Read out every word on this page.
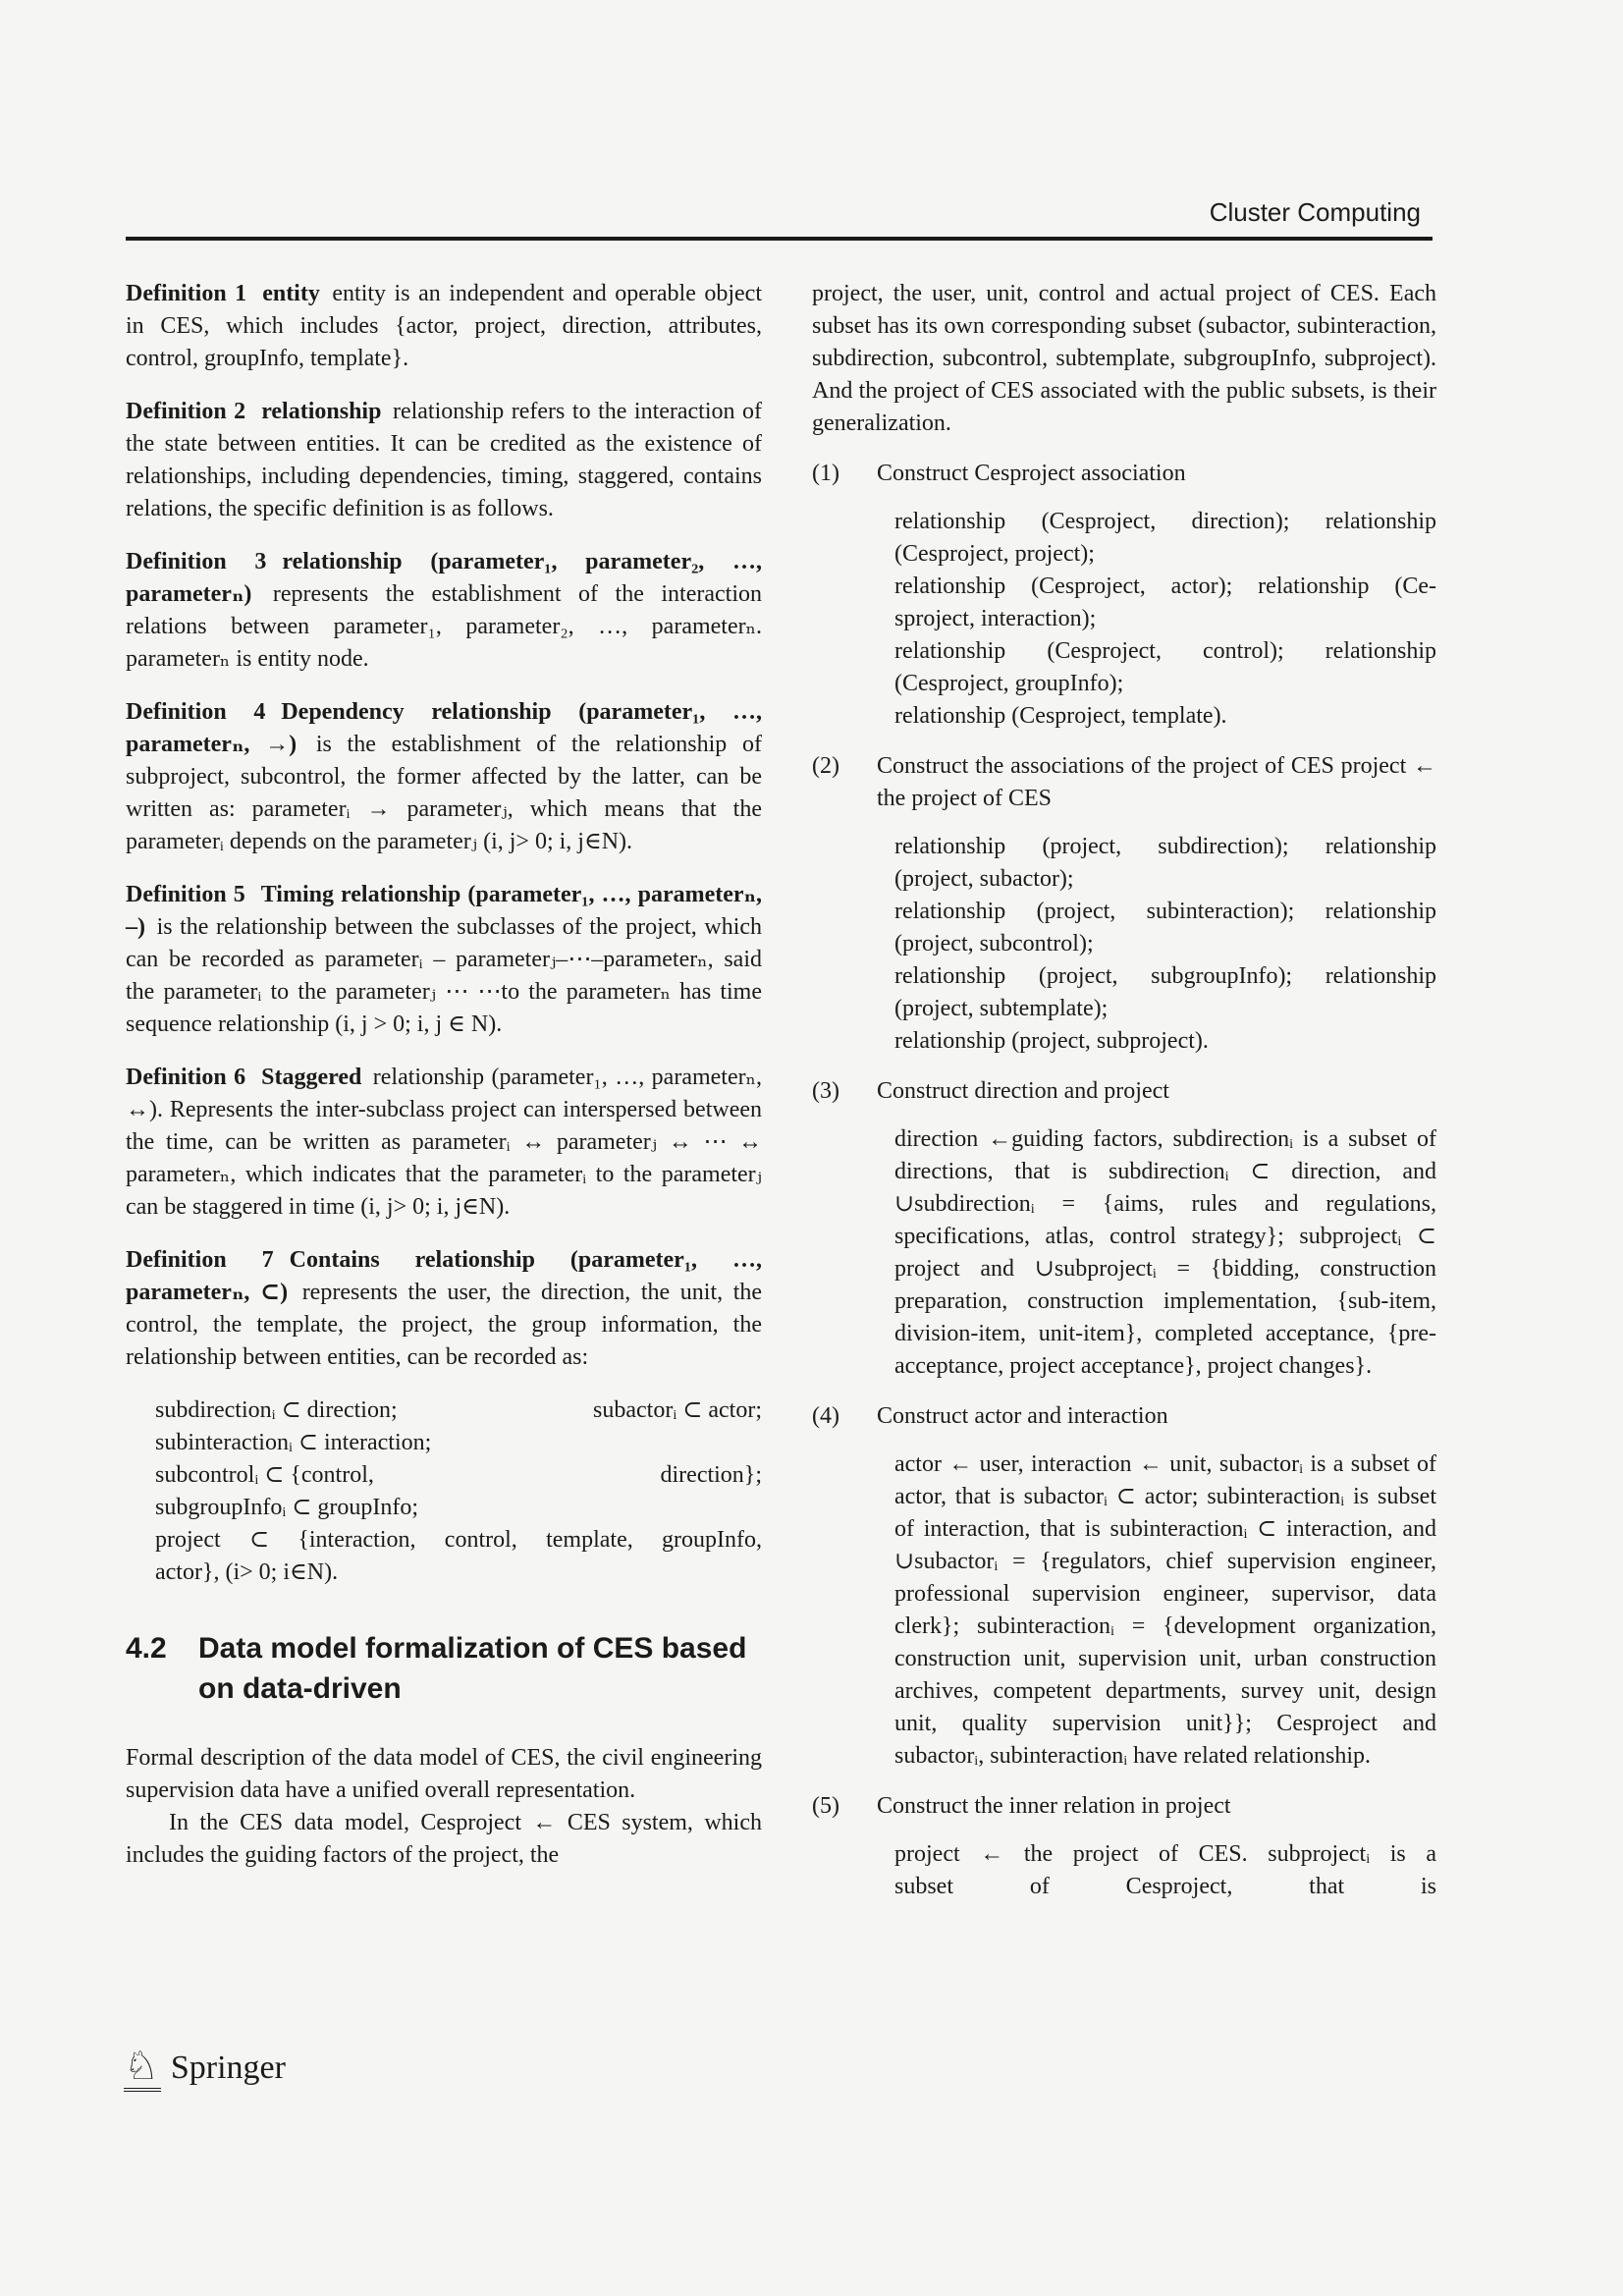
Cluster Computing

Definition 1 entity entity is an independent and operable object in CES, which includes {actor, project, direction, attributes, control, groupInfo, template}.

Definition 2 relationship relationship refers to the interaction of the state between entities. It can be credited as the existence of relationships, including dependencies, timing, staggered, contains relations, the specific definition is as follows.

Definition 3 relationship (parameter₁, parameter₂, …, parameterₙ) represents the establishment of the interaction relations between parameter₁, parameter₂, …, parameterₙ. parameterₙ is entity node.

Definition 4 Dependency relationship (parameter₁, …, parameterₙ, →) is the establishment of the relationship of subproject, subcontrol, the former affected by the latter, can be written as: parameterᵢ → parameterⱼ, which means that the parameterᵢ depends on the parameterⱼ (i, j> 0; i, j∈N).

Definition 5 Timing relationship (parameter₁, …, parameterₙ, –) is the relationship between the subclasses of the project, which can be recorded as parameterᵢ – parameterⱼ–⋯–parameterₙ, said the parameterᵢ to the parameterⱼ ⋯ ⋯to the parameterₙ has time sequence relationship (i, j > 0; i, j ∈ N).

Definition 6 Staggered relationship (parameter₁, …, parameterₙ, ↔). Represents the inter-subclass project can interspersed between the time, can be written as parameterᵢ ↔ parameterⱼ ↔ ⋯ ↔ parameterₙ, which indicates that the parameterᵢ to the parameterⱼ can be staggered in time (i, j> 0; i, j∈N).

Definition 7 Contains relationship (parameter₁, …, parameterₙ, ⊂) represents the user, the direction, the unit, the control, the template, the project, the group information, the relationship between entities, can be recorded as:

subdirectionᵢ ⊂ direction;	subactorᵢ ⊂ actor;
subinteractionᵢ ⊂ interaction;
subcontrolᵢ ⊂ {control,	direction};
subgroupInfoᵢ ⊂ groupInfo;
project ⊂ {interaction, control, template, groupInfo,
actor}, (i> 0; i∈N).
4.2	Data model formalization of CES based
on data-driven

Formal description of the data model of CES, the civil engineering supervision data have a unified overall representation.

In the CES data model, Cesproject ← CES system, which includes the guiding factors of the project, the

project, the user, unit, control and actual project of CES. Each subset has its own corresponding subset (subactor, subinteraction, subdirection, subcontrol, subtemplate, subgroupInfo, subproject). And the project of CES associated with the public subsets, is their generalization.

(1)	Construct Cesproject association
relationship (Cesproject, direction); relationship
(Cesproject, project);
relationship (Cesproject, actor); relationship (Ce-
sproject, interaction);
relationship (Cesproject, control); relationship
(Cesproject, groupInfo);
relationship (Cesproject, template).
(2)	Construct the associations of the project of CES project ← the project of CES
relationship (project, subdirection); relationship
(project, subactor);
relationship (project, subinteraction); relationship
(project, subcontrol);
relationship (project, subgroupInfo); relationship
(project, subtemplate);
relationship (project, subproject).
(3)	Construct direction and project
direction ←guiding factors, subdirectionᵢ is a subset of directions, that is subdirectionᵢ ⊂ direction, and ∪subdirectionᵢ = {aims, rules and regulations, specifications, atlas, control strategy}; subprojectᵢ ⊂ project and ∪subprojectᵢ = {bidding, construction preparation, construction implementation, {sub-item, division-item, unit-item}, completed acceptance, {pre-acceptance, project acceptance}, project changes}.
(4)	Construct actor and interaction
actor ← user, interaction ← unit, subactorᵢ is a subset of actor, that is subactorᵢ ⊂ actor; subinteractionᵢ is subset of interaction, that is subinteractionᵢ ⊂ interaction, and ∪subactorᵢ = {regulators, chief supervision engineer, professional supervision engineer, supervisor, data clerk}; subinteractionᵢ = {development organization, construction unit, supervision unit, urban construction archives, competent departments, survey unit, design unit, quality supervision unit}}; Cesproject and subactorᵢ, subinteractionᵢ have related relationship.
(5)	Construct the inner relation in project
project ← the project of CES. subprojectᵢ is a
subset of Cesproject, that is
♘ Springer
